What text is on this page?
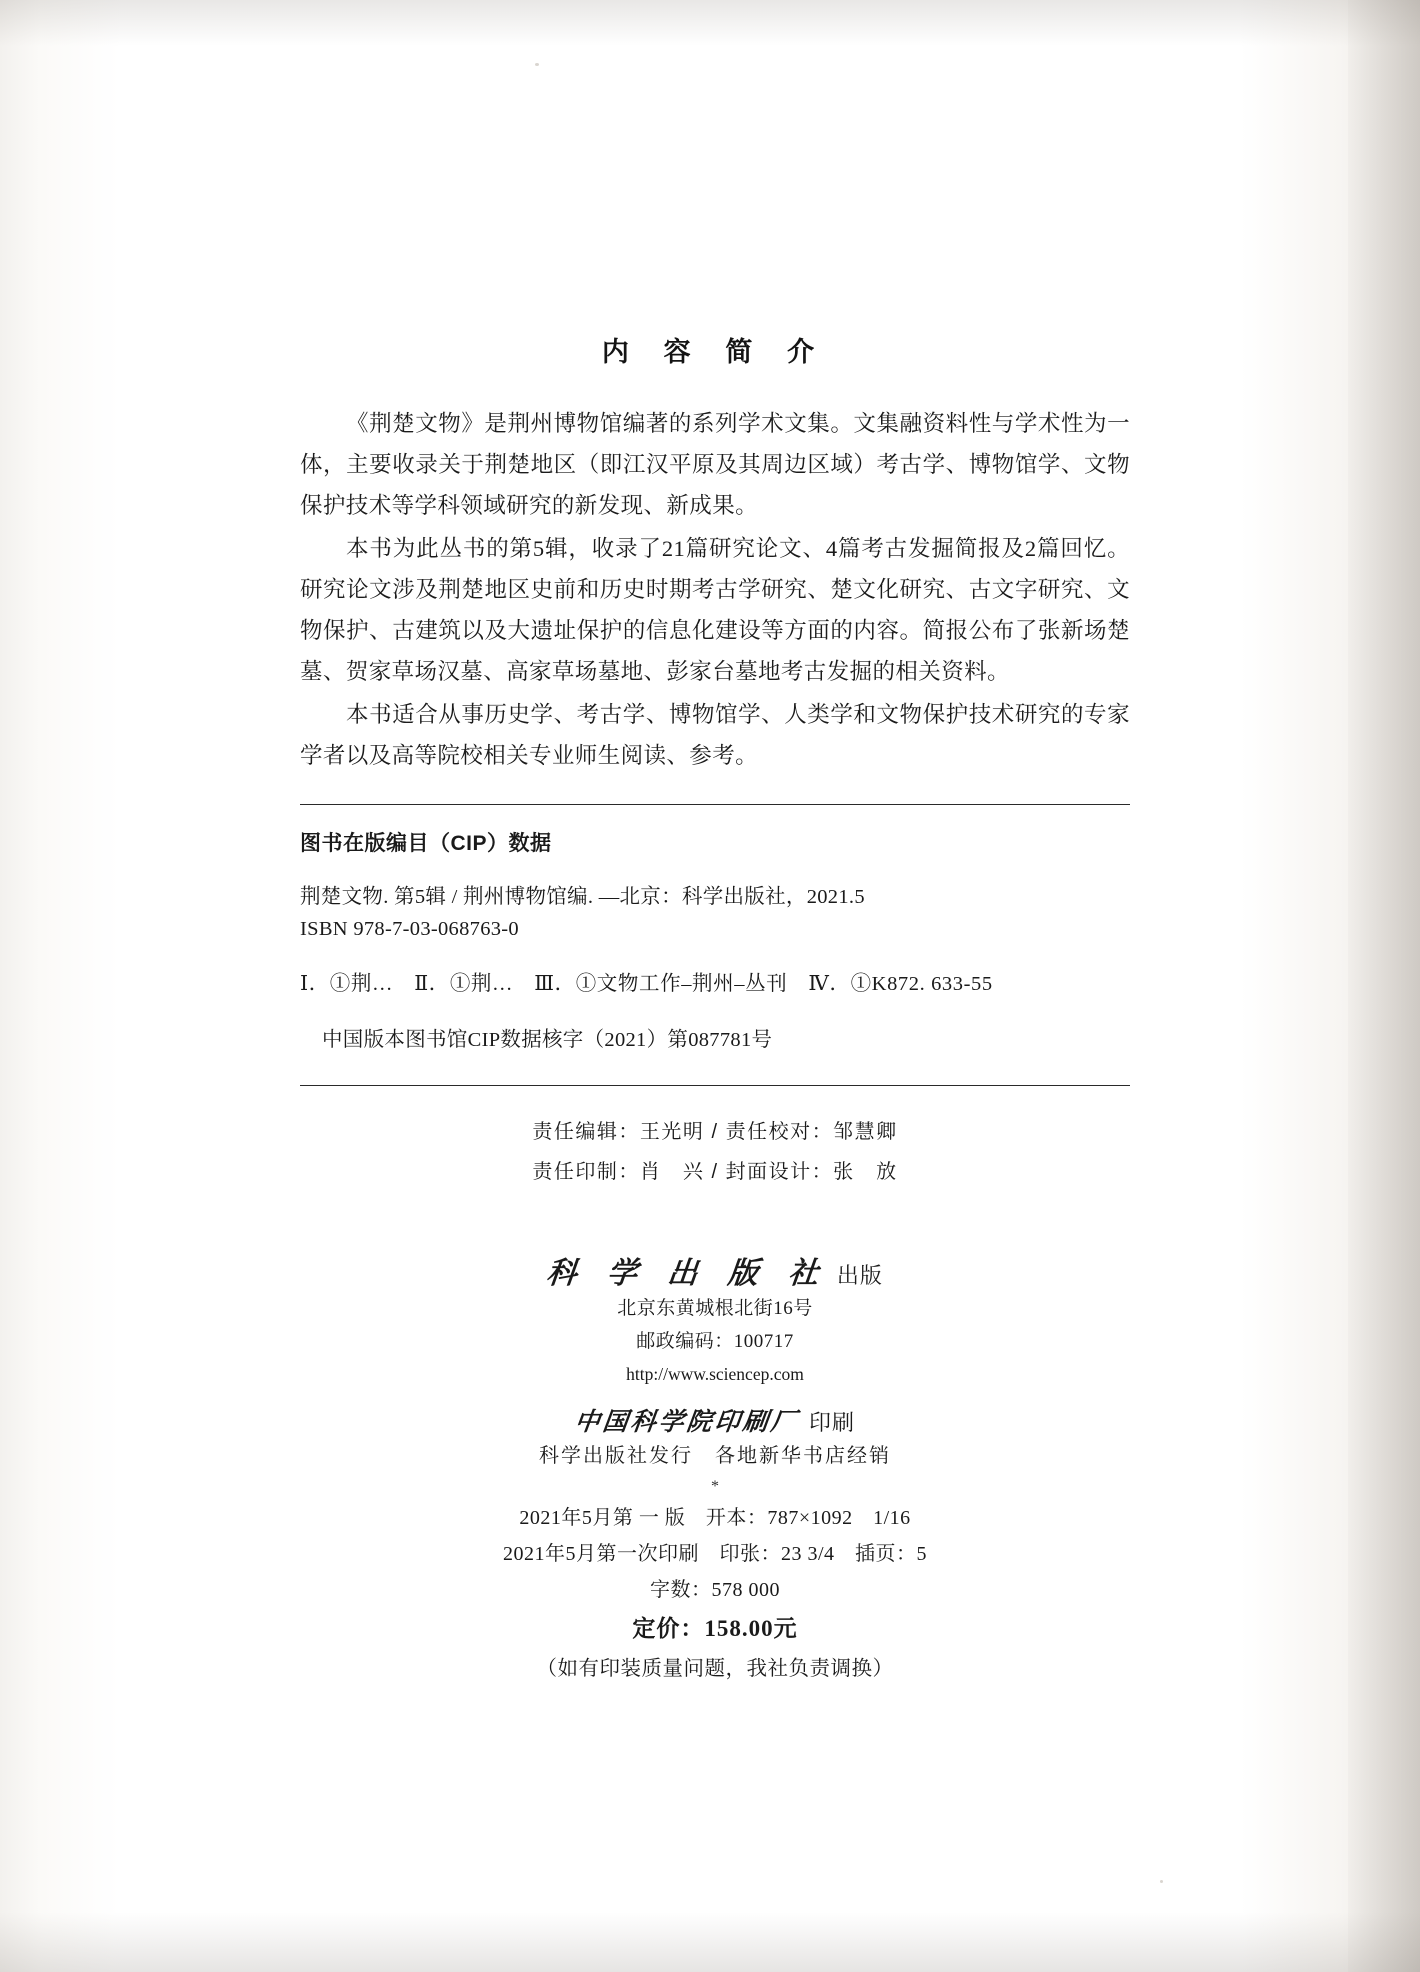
内 容 简 介

《荆楚文物》是荆州博物馆编著的系列学术文集。文集融资料性与学术性为一体，主要收录关于荆楚地区（即江汉平原及其周边区域）考古学、博物馆学、文物保护技术等学科领域研究的新发现、新成果。

本书为此丛书的第5辑，收录了21篇研究论文、4篇考古发掘简报及2篇回忆。研究论文涉及荆楚地区史前和历史时期考古学研究、楚文化研究、古文字研究、文物保护、古建筑以及大遗址保护的信息化建设等方面的内容。简报公布了张新场楚墓、贺家草场汉墓、高家草场墓地、彭家台墓地考古发掘的相关资料。

本书适合从事历史学、考古学、博物馆学、人类学和文物保护技术研究的专家学者以及高等院校相关专业师生阅读、参考。

图书在版编目（CIP）数据

荆楚文物. 第5辑 / 荆州博物馆编. —北京：科学出版社，2021.5

ISBN 978-7-03-068763-0

Ⅰ．①荆…　Ⅱ．①荆…　Ⅲ．①文物工作–荆州–丛刊　Ⅳ．①K872. 633-55

中国版本图书馆CIP数据核字（2021）第087781号

责任编辑：王光明 / 责任校对：邹慧卿
责任印制：肖　兴 / 封面设计：张　放
科 学 出 版 社 出版
北京东黄城根北街16号
邮政编码：100717
http://www.sciencep.com
中国科学院印刷厂 印刷
科学出版社发行　各地新华书店经销
*
2021年5月第 一 版　开本：787×1092　1/16
2021年5月第一次印刷　印张：23 3/4　插页：5
字数：578 000
定价：158.00元
（如有印装质量问题，我社负责调换）
